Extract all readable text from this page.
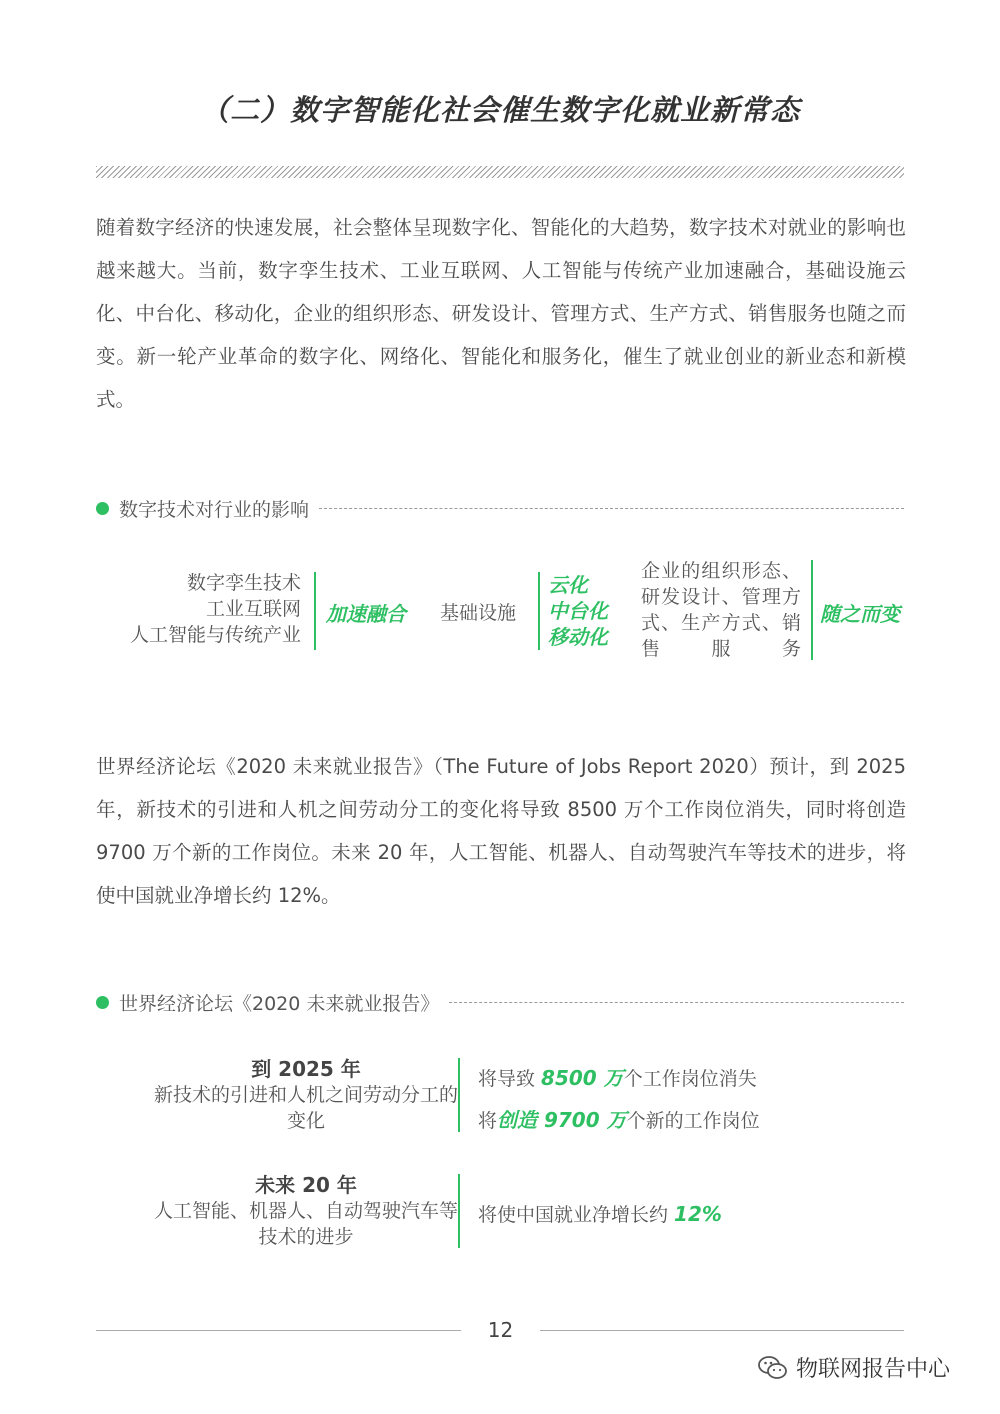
（二）数字智能化社会催生数字化就业新常态

随着数字经济的快速发展，社会整体呈现数字化、智能化的大趋势，数字技术对就业的影响也越来越大。当前，数字孪生技术、工业互联网、人工智能与传统产业加速融合，基础设施云化、中台化、移动化，企业的组织形态、研发设计、管理方式、生产方式、销售服务也随之而变。新一轮产业革命的数字化、网络化、智能化和服务化，催生了就业创业的新业态和新模式。

数字技术对行业的影响
数字孪生技术
工业互联网
人工智能与传统产业
加速融合 基础设施
云化
中台化
移动化
企业的组织形态、研发设计、管理方式、生产方式、销售服务
随之而变

世界经济论坛《2020 未来就业报告》（The Future of Jobs Report 2020）预计，到 2025 年，新技术的引进和人机之间劳动分工的变化将导致 8500 万个工作岗位消失，同时将创造 9700 万个新的工作岗位。未来 20 年，人工智能、机器人、自动驾驶汽车等技术的进步，将使中国就业净增长约 12%。

世界经济论坛《2020 未来就业报告》
到 2025 年
新技术的引进和人机之间劳动分工的变化
将导致 8500 万个工作岗位消失
将创造 9700 万个新的工作岗位
未来 20 年
人工智能、机器人、自动驾驶汽车等技术的进步
将使中国就业净增长约 12%
12
物联网报告中心
